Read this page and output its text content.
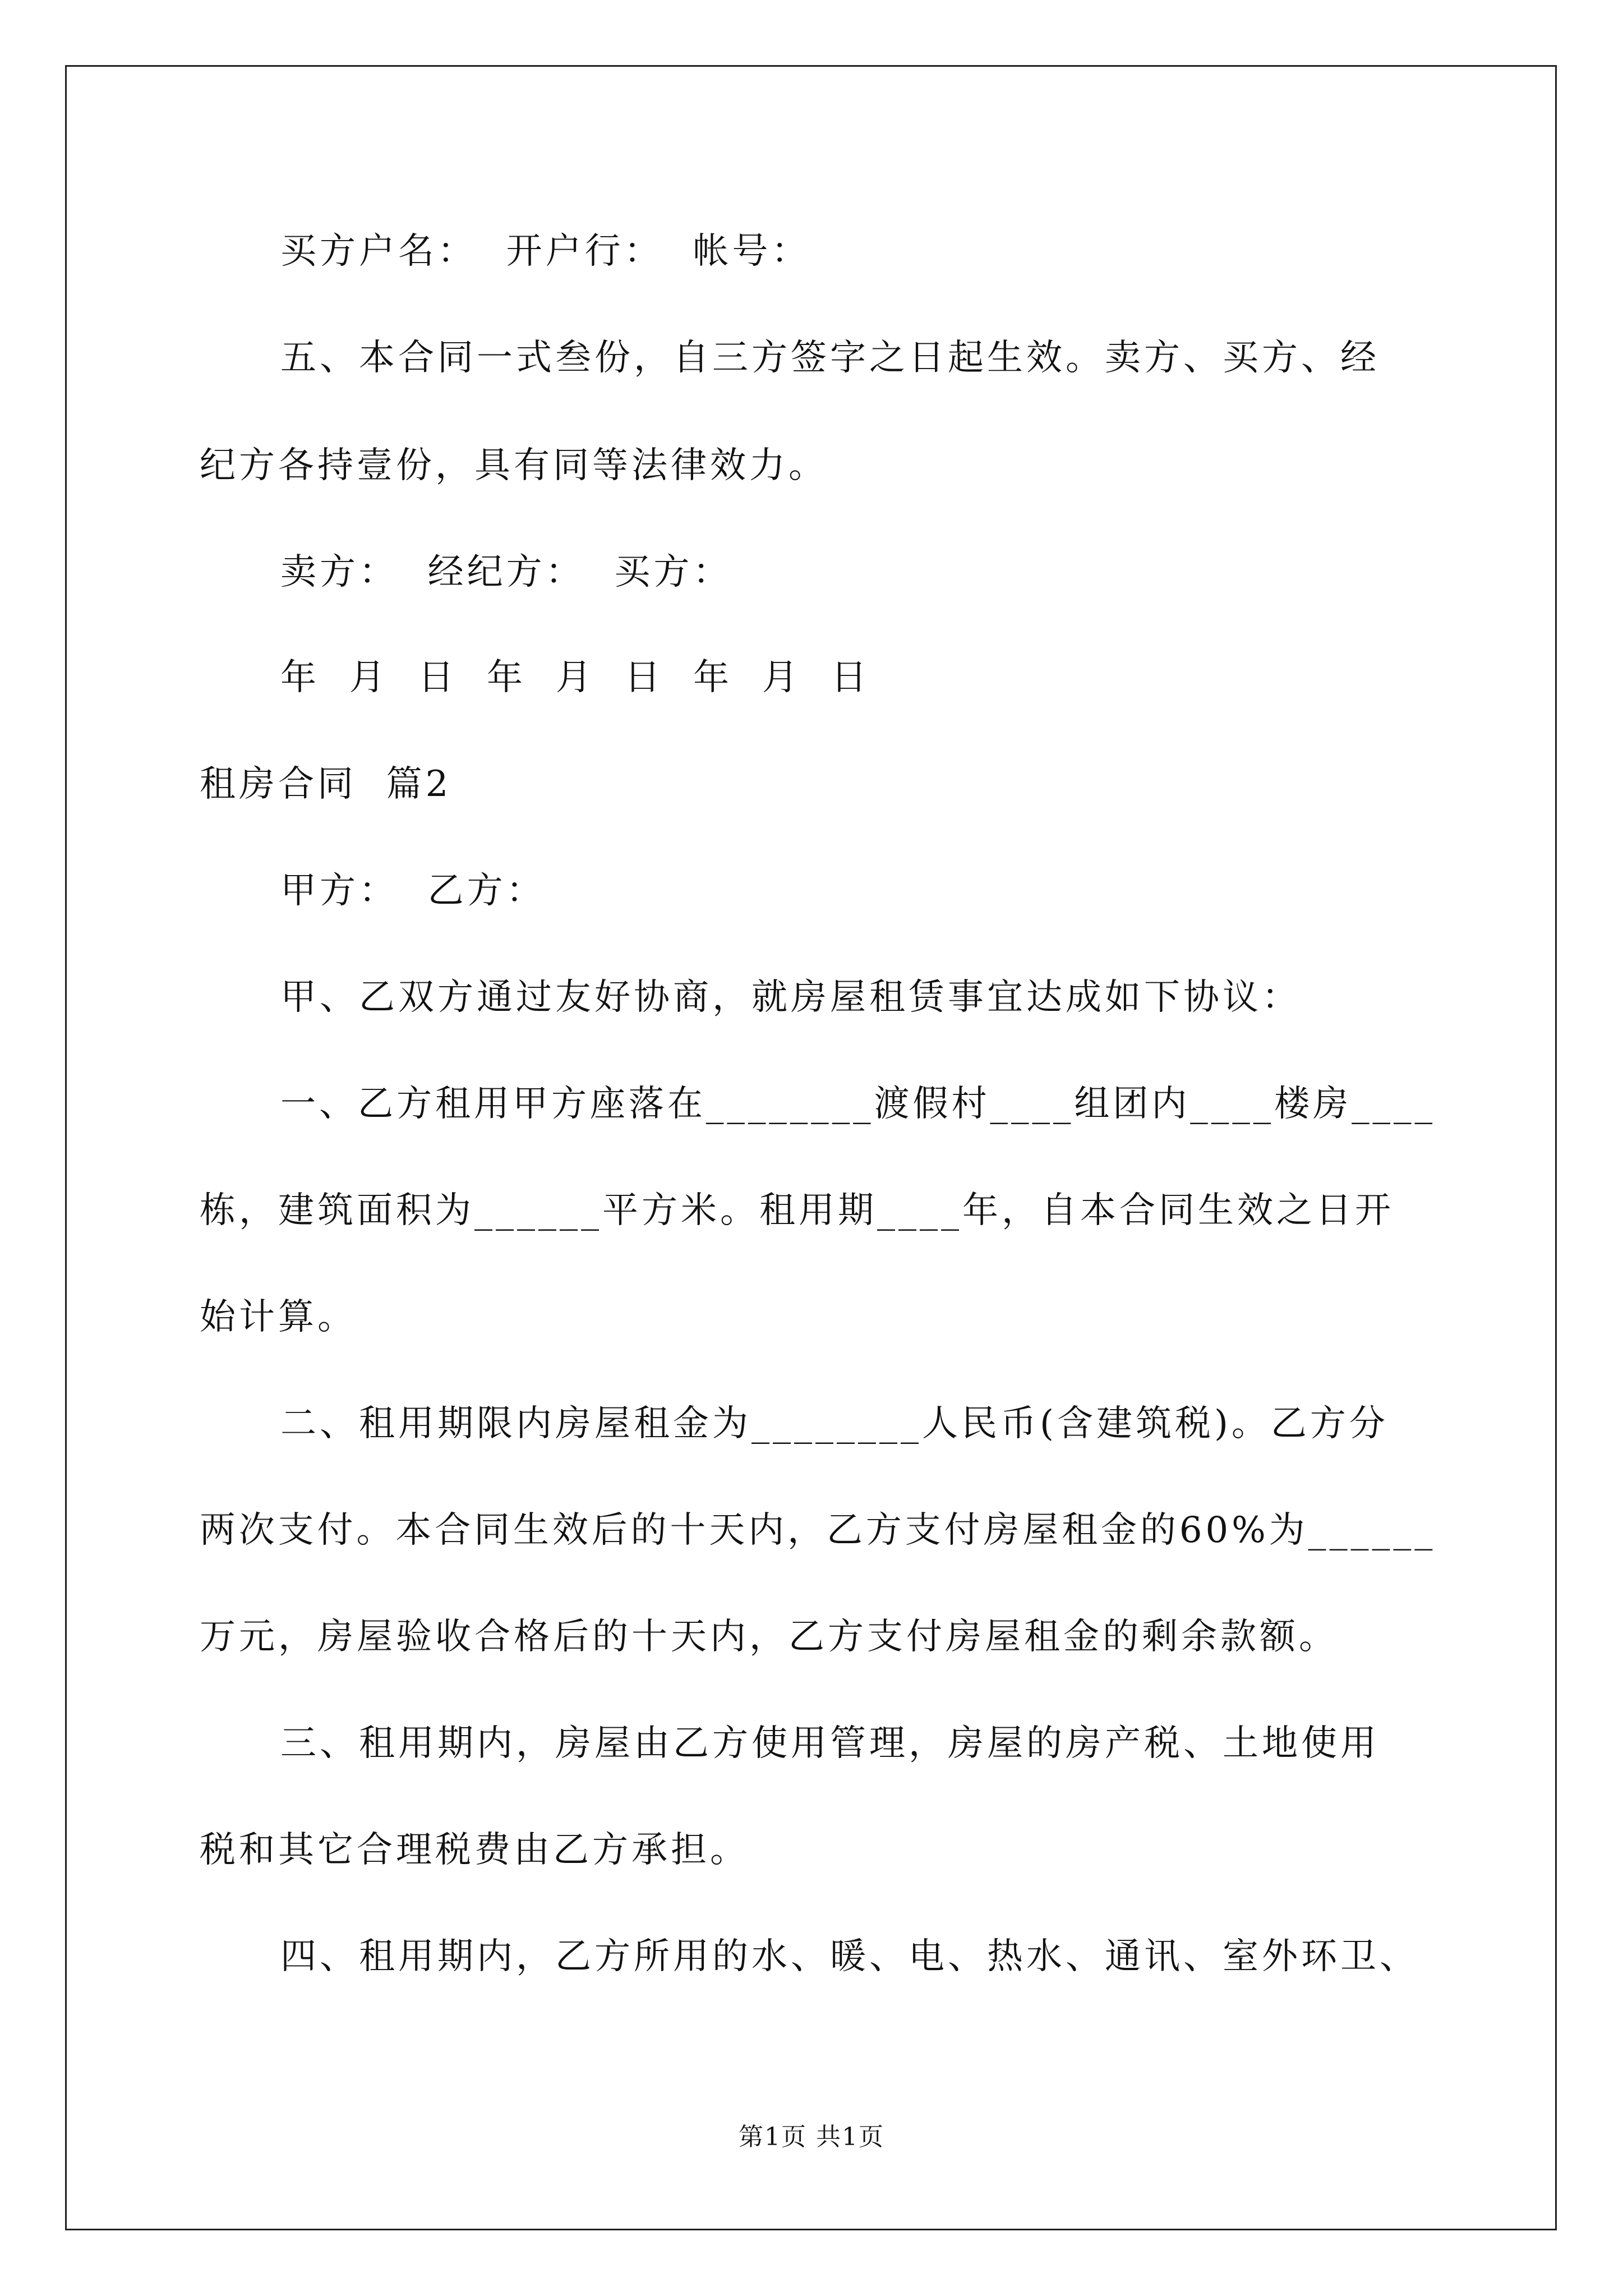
买方户名：  开户行：  帐号：
五、本合同一式叁份，自三方签字之日起生效。卖方、买方、经
纪方各持壹份，具有同等法律效力。
卖方：  经纪方：  买方：
年  月  日  年  月  日  年  月  日
租房合同  篇2
甲方：  乙方：
甲、乙双方通过友好协商，就房屋租赁事宜达成如下协议：
一、乙方租用甲方座落在________渡假村____组团内____楼房____
栋，建筑面积为______平方米。租用期____年，自本合同生效之日开
始计算。
二、租用期限内房屋租金为________人民币(含建筑税)。乙方分
两次支付。本合同生效后的十天内，乙方支付房屋租金的60%为______
万元，房屋验收合格后的十天内，乙方支付房屋租金的剩余款额。
三、租用期内，房屋由乙方使用管理，房屋的房产税、土地使用
税和其它合理税费由乙方承担。
四、租用期内，乙方所用的水、暖、电、热水、通讯、室外环卫、
第1页 共1页
